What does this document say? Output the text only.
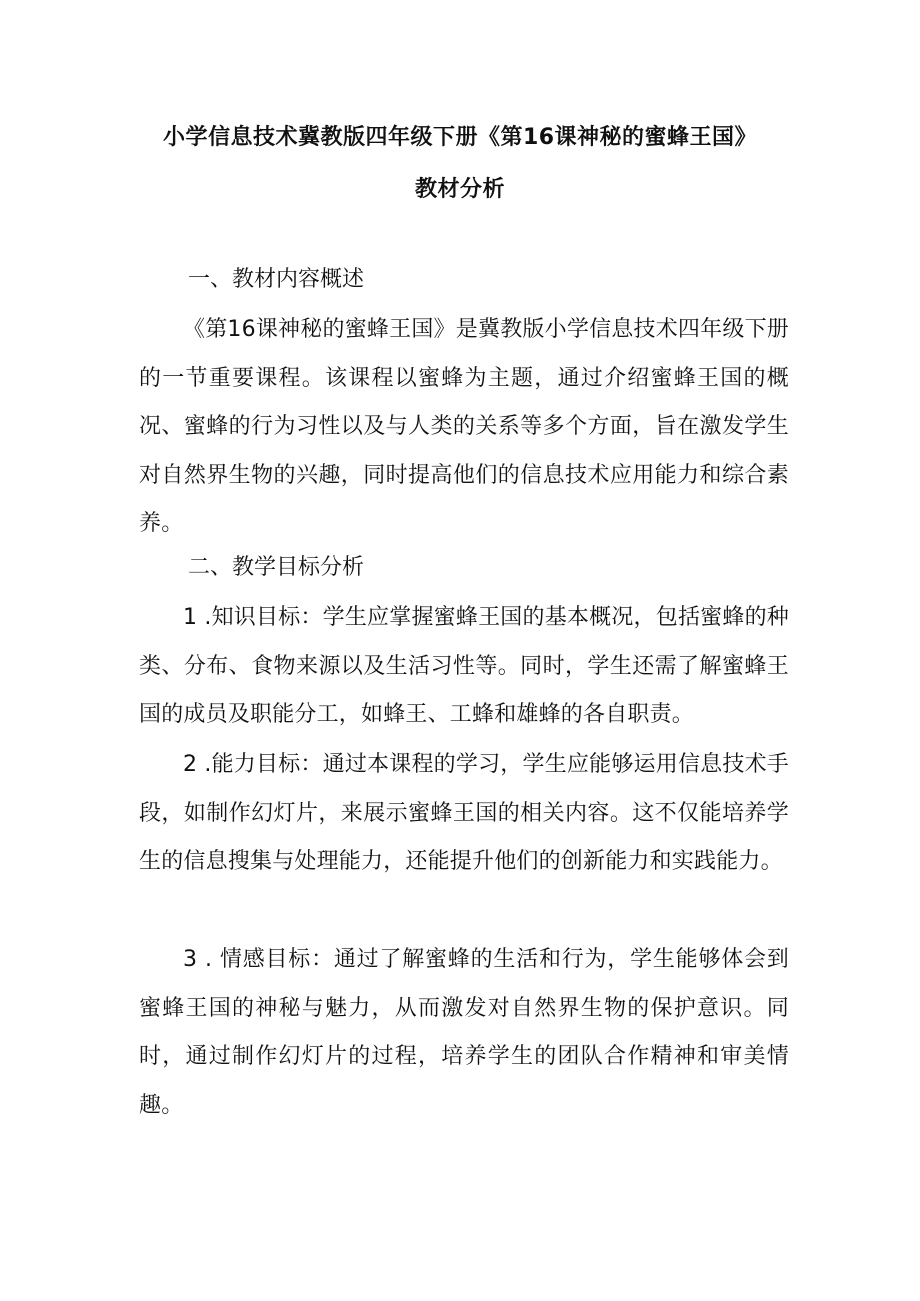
小学信息技术冀教版四年级下册《第16课神秘的蜜蜂王国》
教材分析
一、教材内容概述
《第16课神秘的蜜蜂王国》是冀教版小学信息技术四年级下册的一节重要课程。该课程以蜜蜂为主题，通过介绍蜜蜂王国的概况、蜜蜂的行为习性以及与人类的关系等多个方面，旨在激发学生对自然界生物的兴趣，同时提高他们的信息技术应用能力和综合素养。
二、教学目标分析
1 .知识目标：学生应掌握蜜蜂王国的基本概况，包括蜜蜂的种类、分布、食物来源以及生活习性等。同时，学生还需了解蜜蜂王国的成员及职能分工，如蜂王、工蜂和雄蜂的各自职责。
2 .能力目标：通过本课程的学习，学生应能够运用信息技术手段，如制作幻灯片，来展示蜜蜂王国的相关内容。这不仅能培养学生的信息搜集与处理能力，还能提升他们的创新能力和实践能力。
3 . 情感目标：通过了解蜜蜂的生活和行为，学生能够体会到蜜蜂王国的神秘与魅力，从而激发对自然界生物的保护意识。同时，通过制作幻灯片的过程，培养学生的团队合作精神和审美情趣。
